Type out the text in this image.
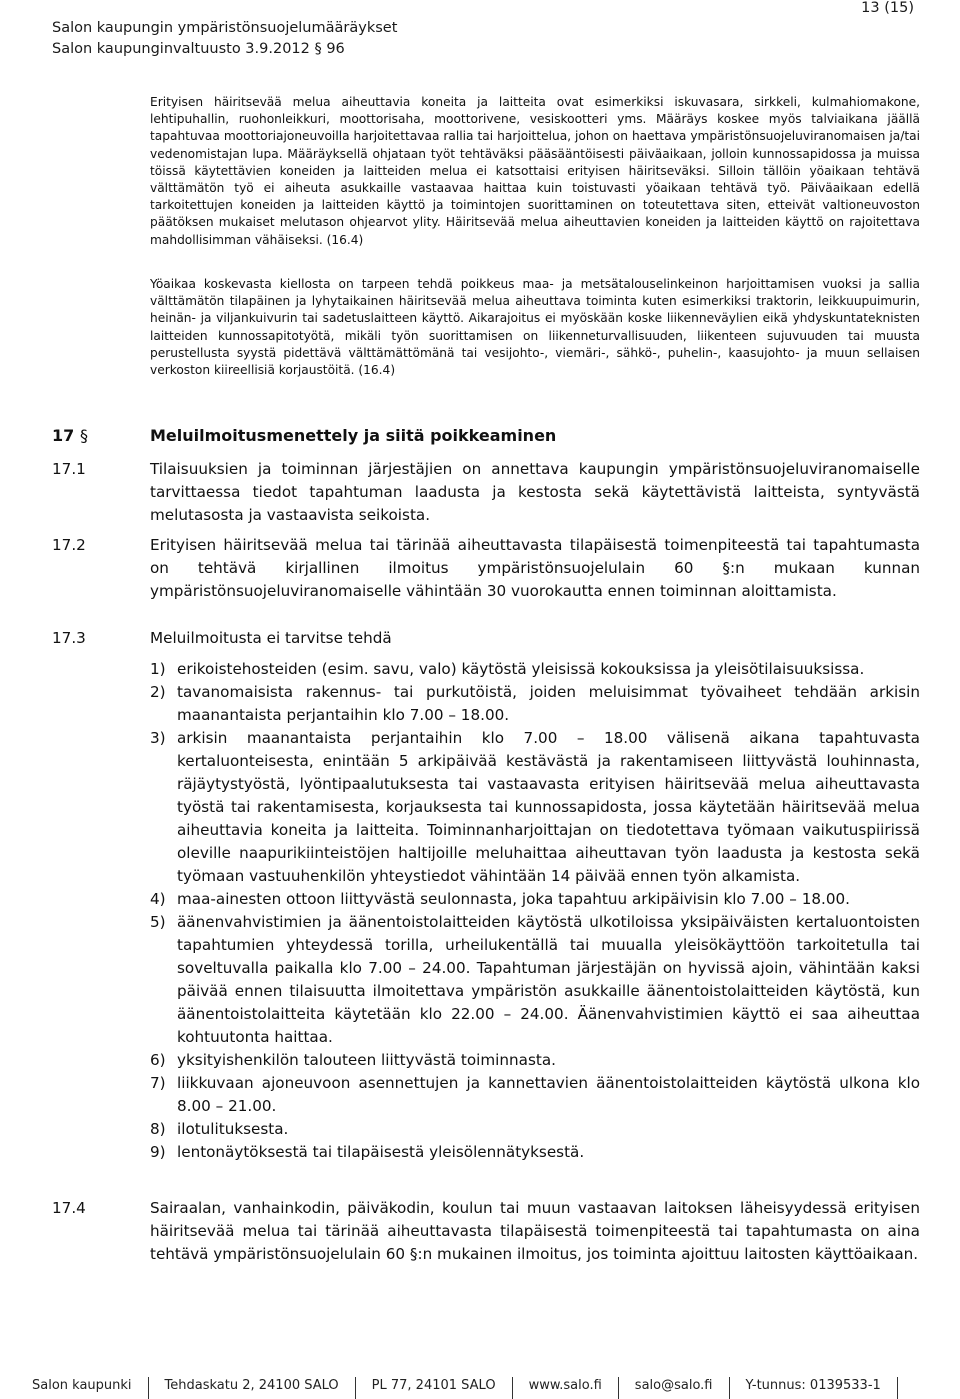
Salon kaupungin ympäristönsuojelumääräykset
Salon kaupunginvaltuusto 3.9.2012 § 96
13 (15)

Erityisen häiritsevää melua aiheuttavia koneita ja laitteita ovat esimerkiksi iskuvasara, sirkkeli, kulmahiomakone, lehtipuhallin, ruohonleikkuri, moottorisaha, moottorivene, vesiskootteri yms. Määräys koskee myös talviaikana jäällä tapahtuvaa moottoriajoneuvoilla harjoitettavaa rallia tai harjoittelua, johon on haettava ympäristönsuojeluviranomaisen ja/tai vedenomistajan lupa. Määräyksellä ohjataan työt tehtäväksi pääsääntöisesti päiväaikaan, jolloin kunnossapidossa ja muissa töissä käytettävien koneiden ja laitteiden melua ei katsottaisi erityisen häiritseväksi. Silloin tällöin yöaikaan tehtävä välttämätön työ ei aiheuta asukkaille vastaavaa haittaa kuin toistuvasti yöaikaan tehtävä työ. Päiväaikaan edellä tarkoitettujen koneiden ja laitteiden käyttö ja toimintojen suorittaminen on toteutettava siten, etteivät valtioneuvoston päätöksen mukaiset melutason ohjearvot ylity. Häiritsevää melua aiheuttavien koneiden ja laitteiden käyttö on rajoitettava mahdollisimman vähäiseksi. (16.4)

Yöaikaa koskevasta kiellosta on tarpeen tehdä poikkeus maa- ja metsätalouselinkeinon harjoittamisen vuoksi ja sallia välttämätön tilapäinen ja lyhytaikainen häiritsevää melua aiheuttava toiminta kuten esimerkiksi traktorin, leikkuupuimurin, heinän- ja viljankuivurin tai sadetuslaitteen käyttö. Aikarajoitus ei myöskään koske liikenneväylien eikä yhdyskuntateknisten laitteiden kunnossapitotyötä, mikäli työn suorittamisen on liikenneturvallisuuden, liikenteen sujuvuuden tai muusta perustellusta syystä pidettävä välttämättömänä tai vesijohto-, viemäri-, sähkö-, puhelin-, kaasujohto- ja muun sellaisen verkoston kiireellisiä korjaustöitä. (16.4)

17 §	Meluilmoitusmenettely ja siitä poikkeaminen
17.1	Tilaisuuksien ja toiminnan järjestäjien on annettava kaupungin ympäristönsuojeluviranomaiselle tarvittaessa tiedot tapahtuman laadusta ja kestosta sekä käytettävistä laitteista, syntyvästä melutasosta ja vastaavista seikoista.
17.2	Erityisen häiritsevää melua tai tärinää aiheuttavasta tilapäisestä toimenpiteestä tai tapahtumasta on tehtävä kirjallinen ilmoitus ympäristönsuojelulain 60 §:n mukaan kunnan ympäristönsuojeluviranomaiselle vähintään 30 vuorokautta ennen toiminnan aloittamista.
17.3	Meluilmoitusta ei tarvitse tehdä
1) erikoistehosteiden (esim. savu, valo) käytöstä yleisissä kokouksissa ja yleisötilaisuuksissa.
2) tavanomaisista rakennus- tai purkutöistä, joiden meluisimmat työvaiheet tehdään arkisin maanantaista perjantaihin klo 7.00 – 18.00.
3) arkisin maanantaista perjantaihin klo 7.00 – 18.00 välisenä aikana tapahtuvasta kertaluonteisesta, enintään 5 arkipäivää kestävästä ja rakentamiseen liittyvästä louhinnasta, räjäytystyöstä, lyöntipaalutuksesta tai vastaavasta erityisen häiritsevää melua aiheuttavasta työstä tai rakentamisesta, korjauksesta tai kunnossapidosta, jossa käytetään häiritsevää melua aiheuttavia koneita ja laitteita. Toiminnanharjoittajan on tiedotettava työmaan vaikutuspiirissä oleville naapurikiinteistöjen haltijoille meluhaittaa aiheuttavan työn laadusta ja kestosta sekä työmaan vastuuhenkilön yhteystiedot vähintään 14 päivää ennen työn alkamista.
4) maa-ainesten ottoon liittyvästä seulonnasta, joka tapahtuu arkipäivisin klo 7.00 – 18.00.
5) äänenvahvistimien ja äänentoistolaitteiden käytöstä ulkotiloissa yksipäiväisten kertaluontoisten tapahtumien yhteydessä torilla, urheilukentällä tai muualla yleisökäyttöön tarkoitetulla tai soveltuvalla paikalla klo 7.00 – 24.00. Tapahtuman järjestäjän on hyvissä ajoin, vähintään kaksi päivää ennen tilaisuutta ilmoitettava ympäristön asukkaille äänentoistolaitteiden käytöstä, kun äänentoistolaitteita käytetään klo 22.00 – 24.00. Äänenvahvistimien käyttö ei saa aiheuttaa kohtuutonta haittaa.
6) yksityishenkilön talouteen liittyvästä toiminnasta.
7) liikkuvaan ajoneuvoon asennettujen ja kannettavien äänentoistolaitteiden käytöstä ulkona klo 8.00 – 21.00.
8) ilotulituksesta.
9) lentonäytöksestä tai tilapäisestä yleisölennätyksestä.
17.4	Sairaalan, vanhainkodin, päiväkodin, koulun tai muun vastaavan laitoksen läheisyydessä erityisen häiritsevää melua tai tärinää aiheuttavasta tilapäisestä toimenpiteestä tai tapahtumasta on aina tehtävä ympäristönsuojelulain 60 §:n mukainen ilmoitus, jos toiminta ajoittuu laitosten käyttöaikaan.
Salon kaupunki	Tehdaskatu 2, 24100 SALO	PL 77, 24101 SALO	www.salo.fi	salo@salo.fi	Y-tunnus: 0139533-1
